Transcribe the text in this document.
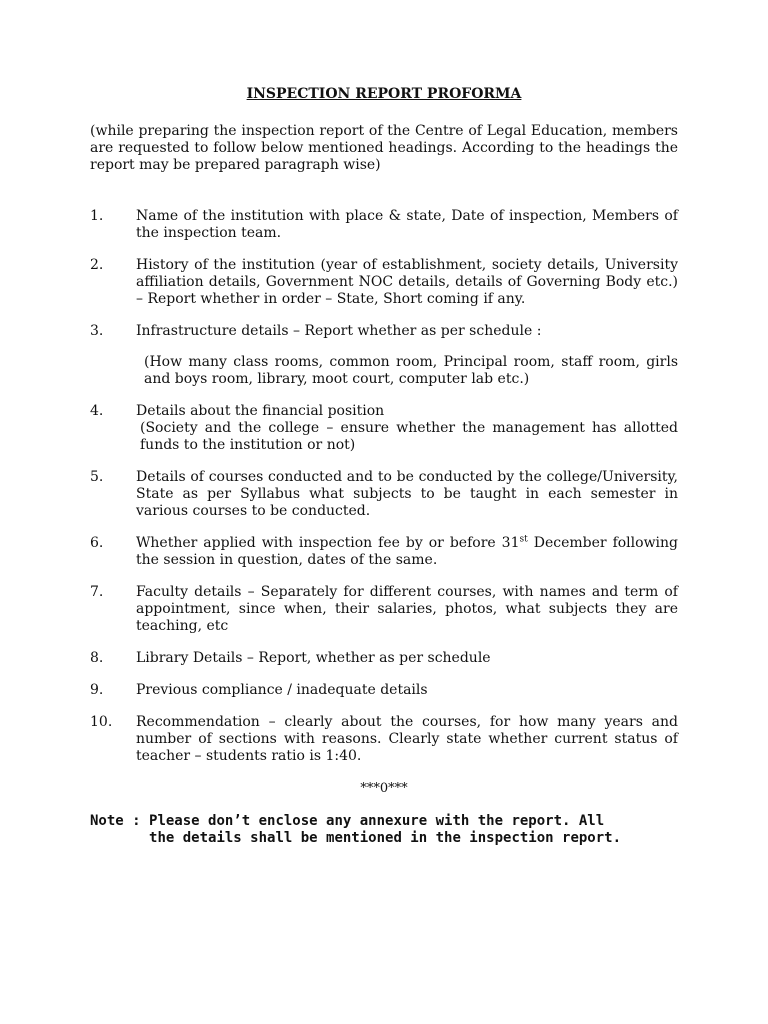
INSPECTION REPORT PROFORMA
(while preparing the inspection report of the Centre of Legal Education, members are requested to follow below mentioned headings. According to the headings the report may be prepared paragraph wise)
1.	Name of the institution with place & state, Date of inspection, Members of the inspection team.
2.	History of the institution (year of establishment, society details, University affiliation details, Government NOC details, details of Governing Body etc.) – Report whether in order – State, Short coming if any.
3.	Infrastructure details – Report whether as per schedule :
(How many class rooms, common room, Principal room, staff room, girls and boys room, library, moot court, computer lab etc.)
4.	Details about the financial position
(Society and the college – ensure whether the management has allotted funds to the institution or not)
5.	Details of courses conducted and to be conducted by the college/University, State as per Syllabus what subjects to be taught in each semester in various courses to be conducted.
6.	Whether applied with inspection fee by or before 31st December following the session in question, dates of the same.
7.	Faculty details – Separately for different courses, with names and term of appointment, since when, their salaries, photos, what subjects they are teaching, etc
8.	Library Details – Report, whether as per schedule
9.	Previous compliance / inadequate details
10.	Recommendation – clearly about the courses, for how many years and number of sections with reasons. Clearly state whether current status of teacher – students ratio is 1:40.
***0***
Note : Please don’t enclose any annexure with the report. All
the details shall be mentioned in the inspection report.
